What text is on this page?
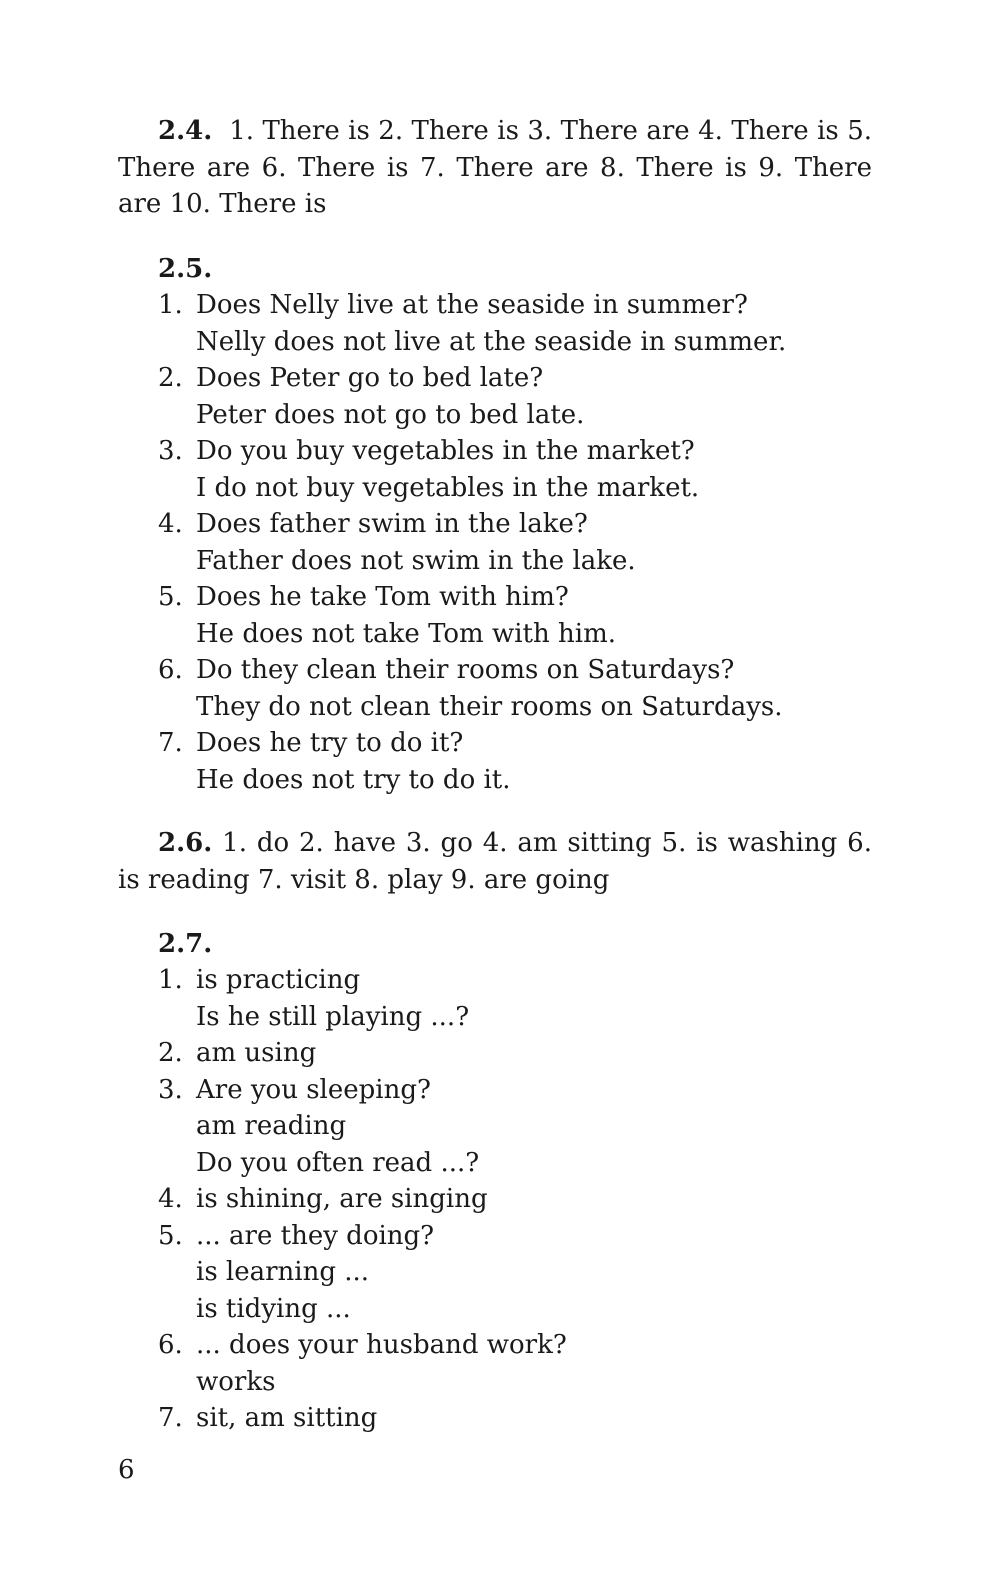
2.4. 1. There is 2. There is 3. There are 4. There is 5. There are 6. There is 7. There are 8. There is 9. There are 10. There is
2.5.
1. Does Nelly live at the seaside in summer?
Nelly does not live at the seaside in summer.
2. Does Peter go to bed late?
Peter does not go to bed late.
3. Do you buy vegetables in the market?
I do not buy vegetables in the market.
4. Does father swim in the lake?
Father does not swim in the lake.
5. Does he take Tom with him?
He does not take Tom with him.
6. Do they clean their rooms on Saturdays?
They do not clean their rooms on Saturdays.
7. Does he try to do it?
He does not try to do it.
2.6. 1. do 2. have 3. go 4. am sitting 5. is washing 6. is reading 7. visit 8. play 9. are going
2.7.
1. is practicing
Is he still playing ...?
2. am using
3. Are you sleeping?
am reading
Do you often read ...?
4. is shining, are singing
5. ... are they doing?
is learning ...
is tidying ...
6. ... does your husband work?
works
7. sit, am sitting
6
